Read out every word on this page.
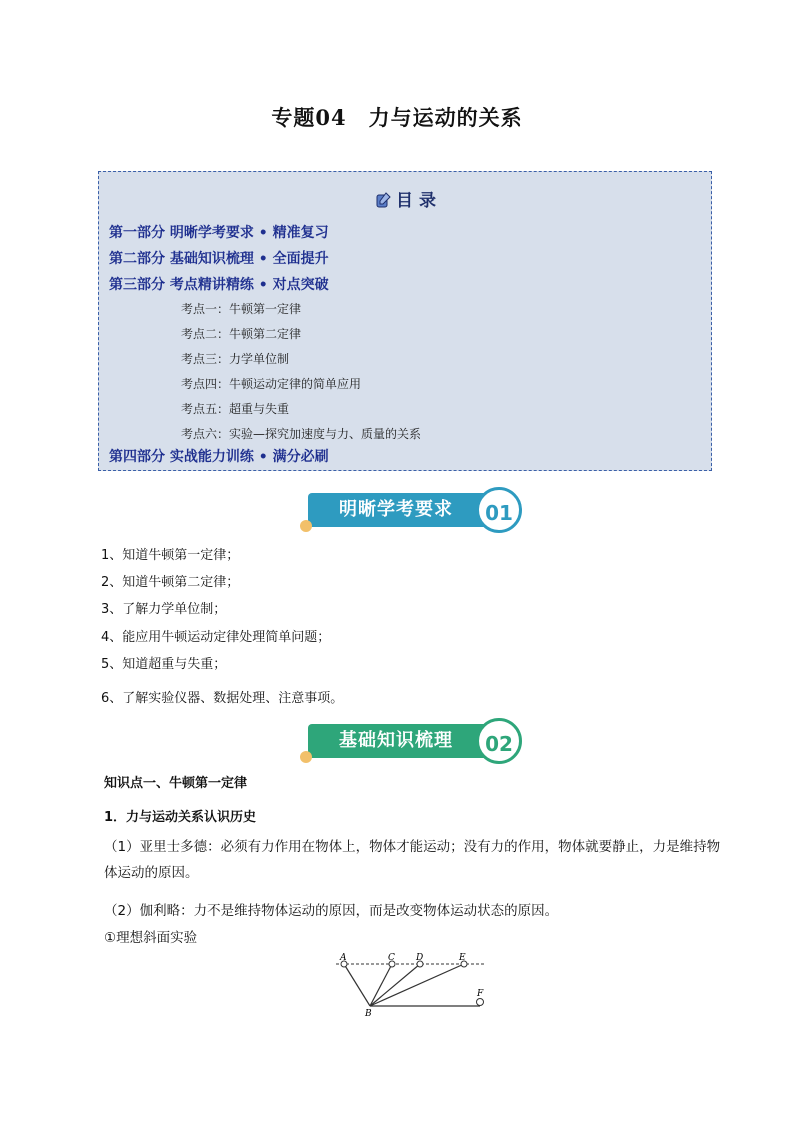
专题04　力与运动的关系
目 录
第一部分 明晰学考要求 • 精准复习
第二部分 基础知识梳理 • 全面提升
第三部分 考点精讲精练 • 对点突破
考点一：牛顿第一定律
考点二：牛顿第二定律
考点三：力学单位制
考点四：牛顿运动定律的简单应用
考点五：超重与失重
考点六：实验—探究加速度与力、质量的关系
第四部分 实战能力训练 • 满分必刷
明晰学考要求	01
1、知道牛顿第一定律；
2、知道牛顿第二定律；
3、了解力学单位制；
4、能应用牛顿运动定律处理简单问题；
5、知道超重与失重；
6、了解实验仪器、数据处理、注意事项。
基础知识梳理	02
知识点一、牛顿第一定律
1．力与运动关系认识历史
（1）亚里士多德：必须有力作用在物体上，物体才能运动；没有力的作用，物体就要静止，力是维持物体运动的原因。
（2）伽利略：力不是维持物体运动的原因，而是改变物体运动状态的原因。
①理想斜面实验
A	C D	E
F
B
